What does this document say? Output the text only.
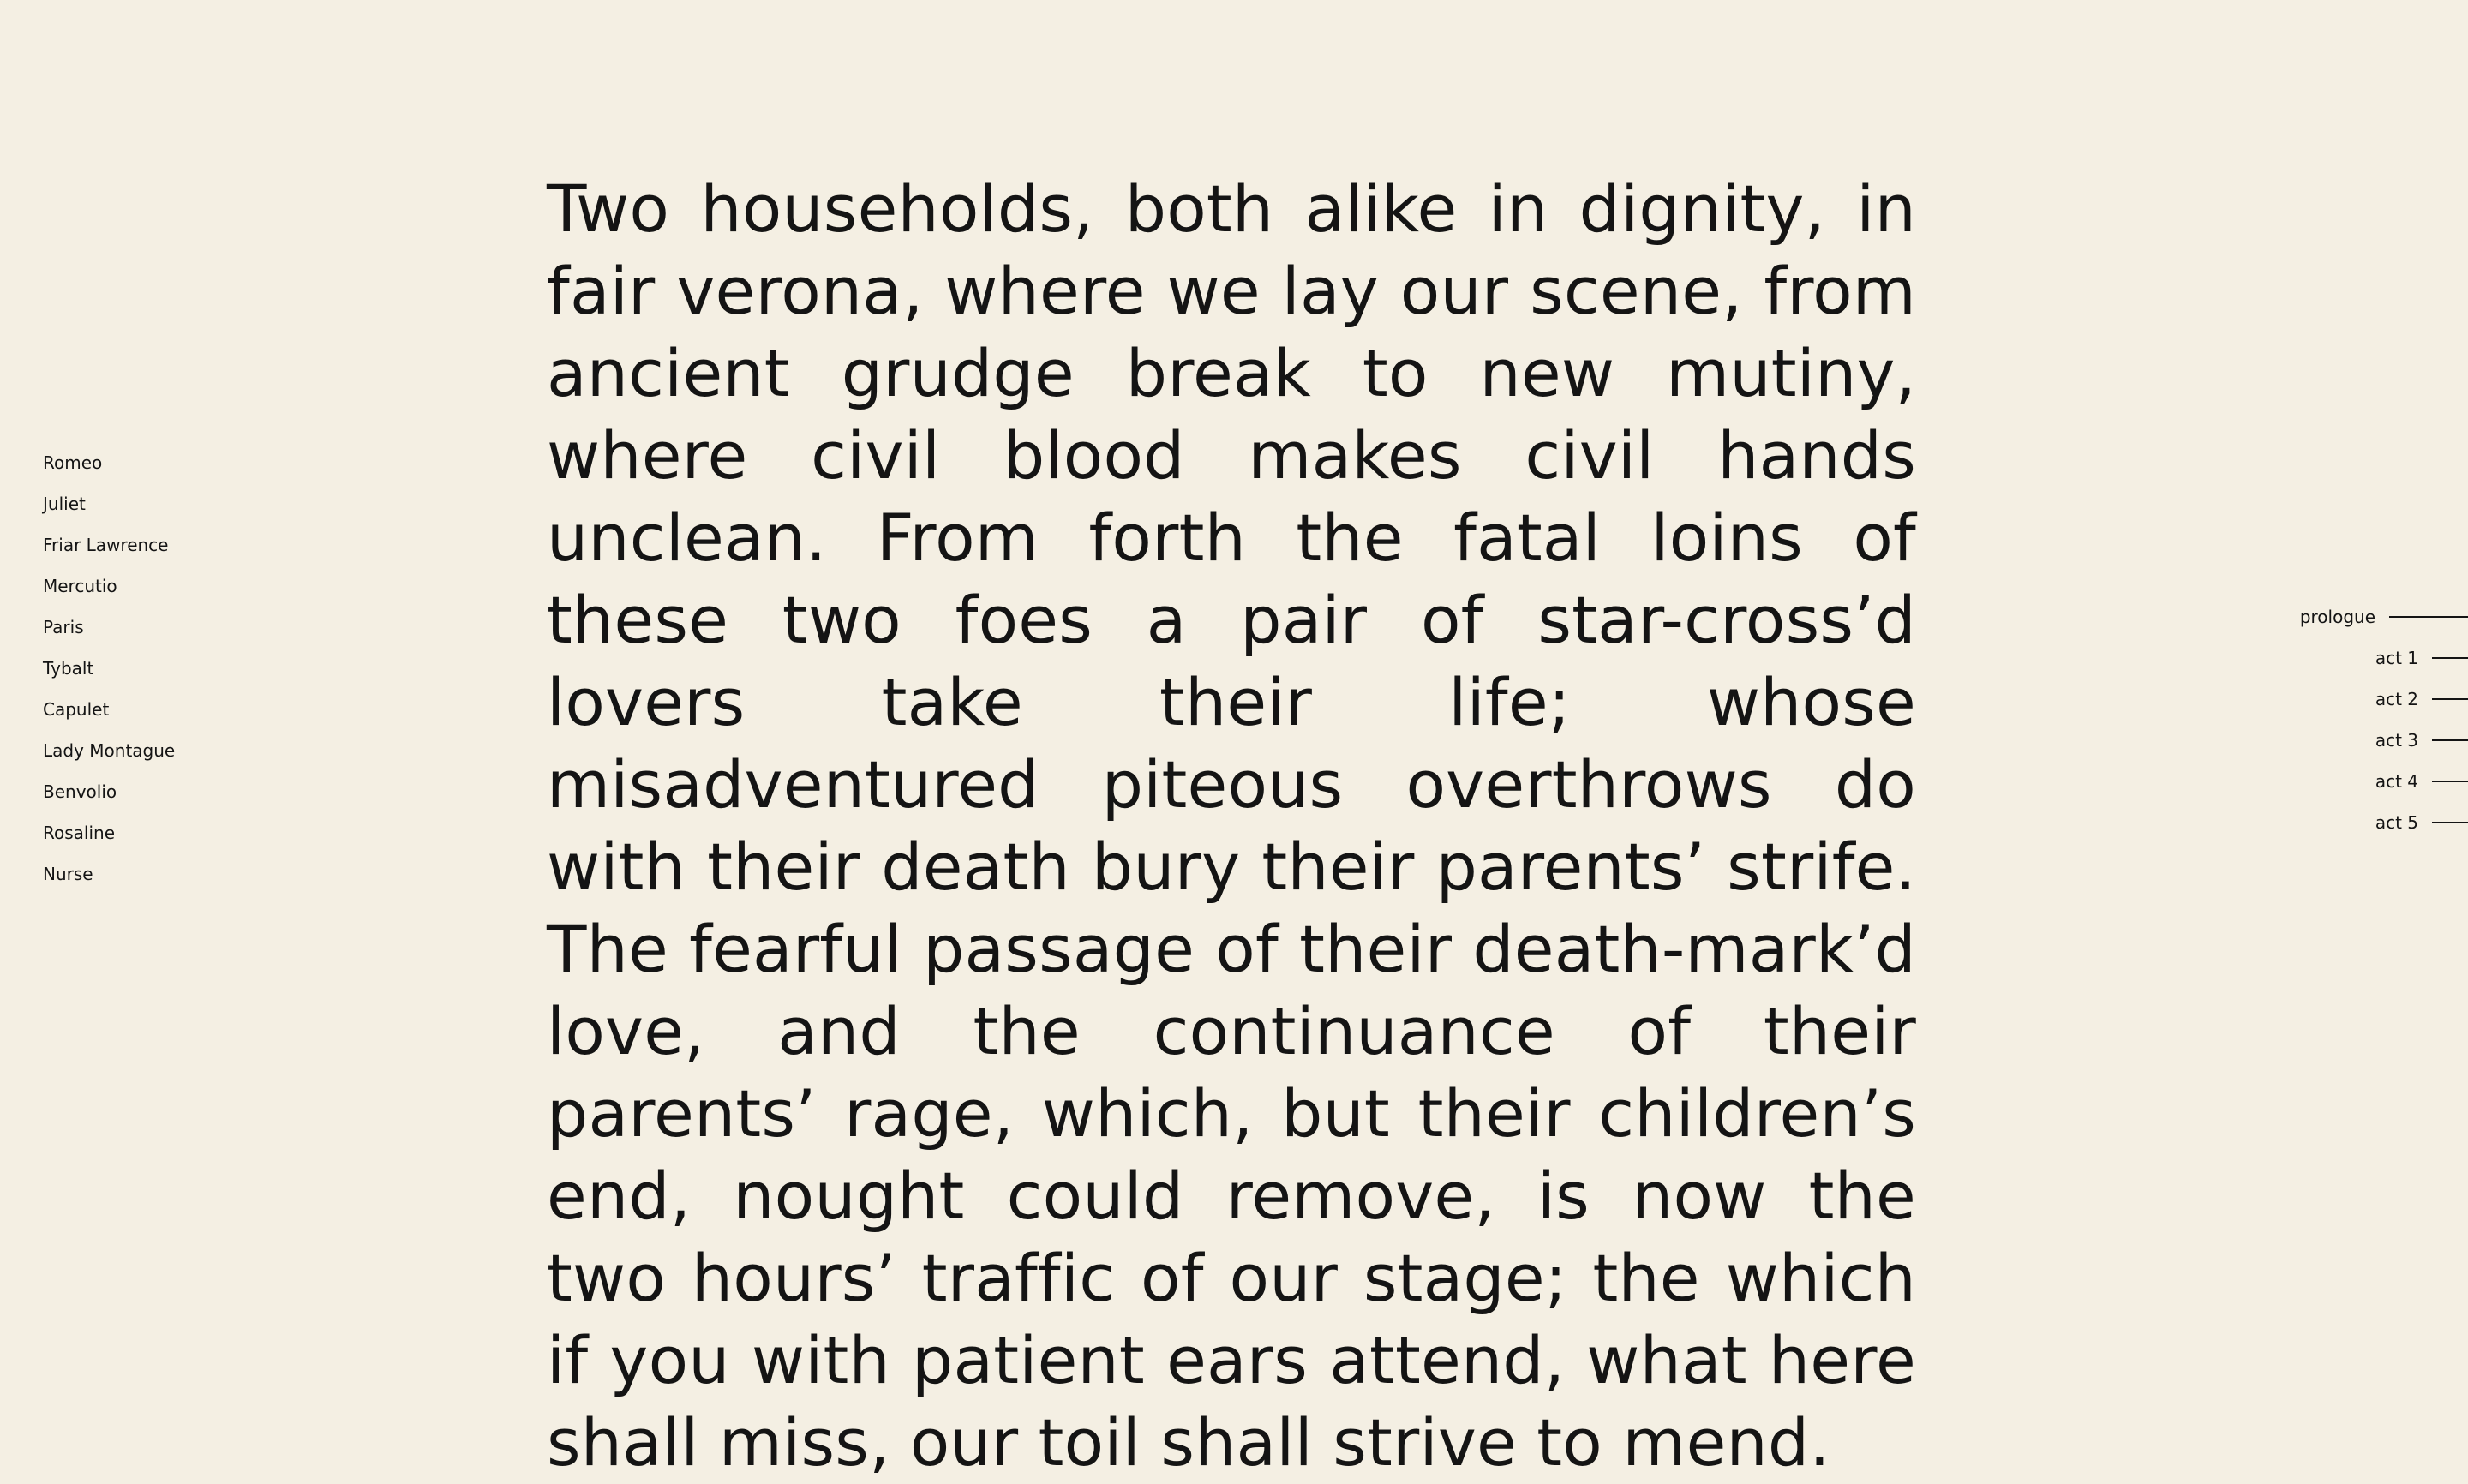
Romeo
Juliet
Friar Lawrence
Mercutio
Paris
Tybalt
Capulet
Lady Montague
Benvolio
Rosaline
Nurse

Two households, both alike in dignity, in fair verona, where we lay our scene, from ancient grudge break to new mutiny, where civil blood makes civil hands unclean. From forth the fatal loins of these two foes a pair of star-cross’d lovers take their life; whose misadventured piteous overthrows do with their death bury their parents’ strife. The fearful passage of their death-mark’d love, and the continuance of their parents’ rage, which, but their children’s end, nought could remove, is now the two hours’ traffic of our stage; the which if you with patient ears attend, what here shall miss, our toil shall strive to mend.

prologue
act 1
act 2
act 3
act 4
act 5
